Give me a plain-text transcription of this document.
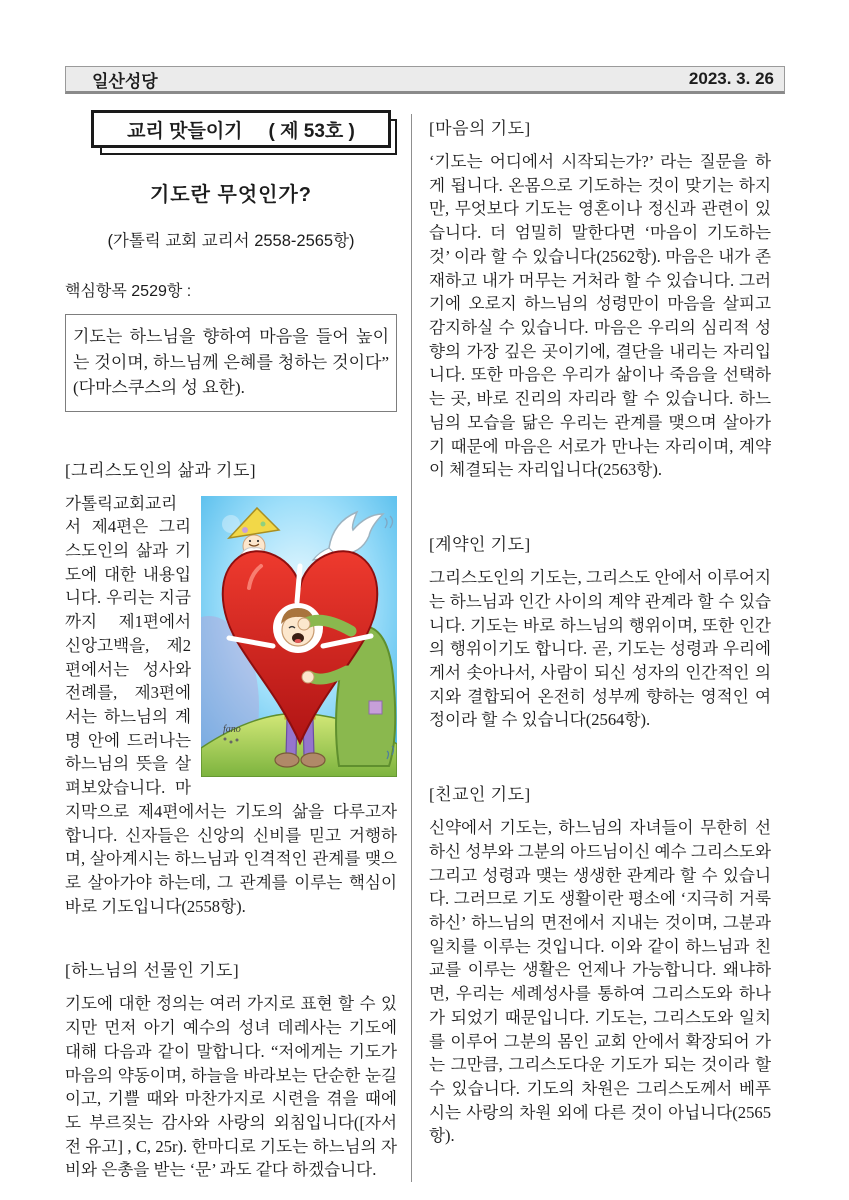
일산성당	2023. 3. 26
교리 맛들이기 ( 제 53호 )
기도란 무엇인가?
(가톨릭 교회 교리서 2558-2565항)
핵심항목 2529항 :
기도는 하느님을 향하여 마음을 들어 높이는 것이며, 하느님께 은혜를 청하는 것이다” (다마스쿠스의 성 요한).
[그리스도인의 삶과 기도]
fano

가톨릭교회교리서 제4편은 그리스도인의 삶과 기도에 대한 내용입니다. 우리는 지금까지 제1편에서 신앙고백을, 제2편에서는 성사와 전례를, 제3편에서는 하느님의 계명 안에 드러나는 하느님의 뜻을 살펴보았습니다. 마지막으로 제4편에서는 기도의 삶을 다루고자 합니다. 신자들은 신앙의 신비를 믿고 거행하며, 살아계시는 하느님과 인격적인 관계를 맺으로 살아가야 하는데, 그 관계를 이루는 핵심이 바로 기도입니다(2558항).

[하느님의 선물인 기도]

기도에 대한 정의는 여러 가지로 표현 할 수 있지만 먼저 아기 예수의 성녀 데레사는 기도에 대해 다음과 같이 말합니다. “저에게는 기도가 마음의 약동이며, 하늘을 바라보는 단순한 눈길이고, 기쁠 때와 마찬가지로 시련을 겪을 때에도 부르짖는 감사와 사랑의 외침입니다([자서전 유고] , C, 25r). 한마디로 기도는 하느님의 자비와 은총을 받는 ‘문’ 과도 같다 하겠습니다.

[마음의 기도]

‘기도는 어디에서 시작되는가?’ 라는 질문을 하게 됩니다. 온몸으로 기도하는 것이 맞기는 하지만, 무엇보다 기도는 영혼이나 정신과 관련이 있습니다. 더 엄밀히 말한다면 ‘마음이 기도하는 것’ 이라 할 수 있습니다(2562항). 마음은 내가 존재하고 내가 머무는 거처라 할 수 있습니다. 그러기에 오로지 하느님의 성령만이 마음을 살피고 감지하실 수 있습니다. 마음은 우리의 심리적 성향의 가장 깊은 곳이기에, 결단을 내리는 자리입니다. 또한 마음은 우리가 삶이나 죽음을 선택하는 곳, 바로 진리의 자리라 할 수 있습니다. 하느님의 모습을 닮은 우리는 관계를 맺으며 살아가기 때문에 마음은 서로가 만나는 자리이며, 계약이 체결되는 자리입니다(2563항).

[계약인 기도]

그리스도인의 기도는, 그리스도 안에서 이루어지는 하느님과 인간 사이의 계약 관계라 할 수 있습니다. 기도는 바로 하느님의 행위이며, 또한 인간의 행위이기도 합니다. 곧, 기도는 성령과 우리에게서 솟아나서, 사람이 되신 성자의 인간적인 의지와 결합되어 온전히 성부께 향하는 영적인 여정이라 할 수 있습니다(2564항).

[친교인 기도]

신약에서 기도는, 하느님의 자녀들이 무한히 선하신 성부와 그분의 아드님이신 예수 그리스도와 그리고 성령과 맺는 생생한 관계라 할 수 있습니다. 그러므로 기도 생활이란 평소에 ‘지극히 거룩하신’ 하느님의 면전에서 지내는 것이며, 그분과 일치를 이루는 것입니다. 이와 같이 하느님과 친교를 이루는 생활은 언제나 가능합니다. 왜냐하면, 우리는 세례성사를 통하여 그리스도와 하나가 되었기 때문입니다. 기도는, 그리스도와 일치를 이루어 그분의 몸인 교회 안에서 확장되어 가는 그만큼, 그리스도다운 기도가 되는 것이라 할 수 있습니다. 기도의 차원은 그리스도께서 베푸시는 사랑의 차원 외에 다른 것이 아닙니다(2565항).
